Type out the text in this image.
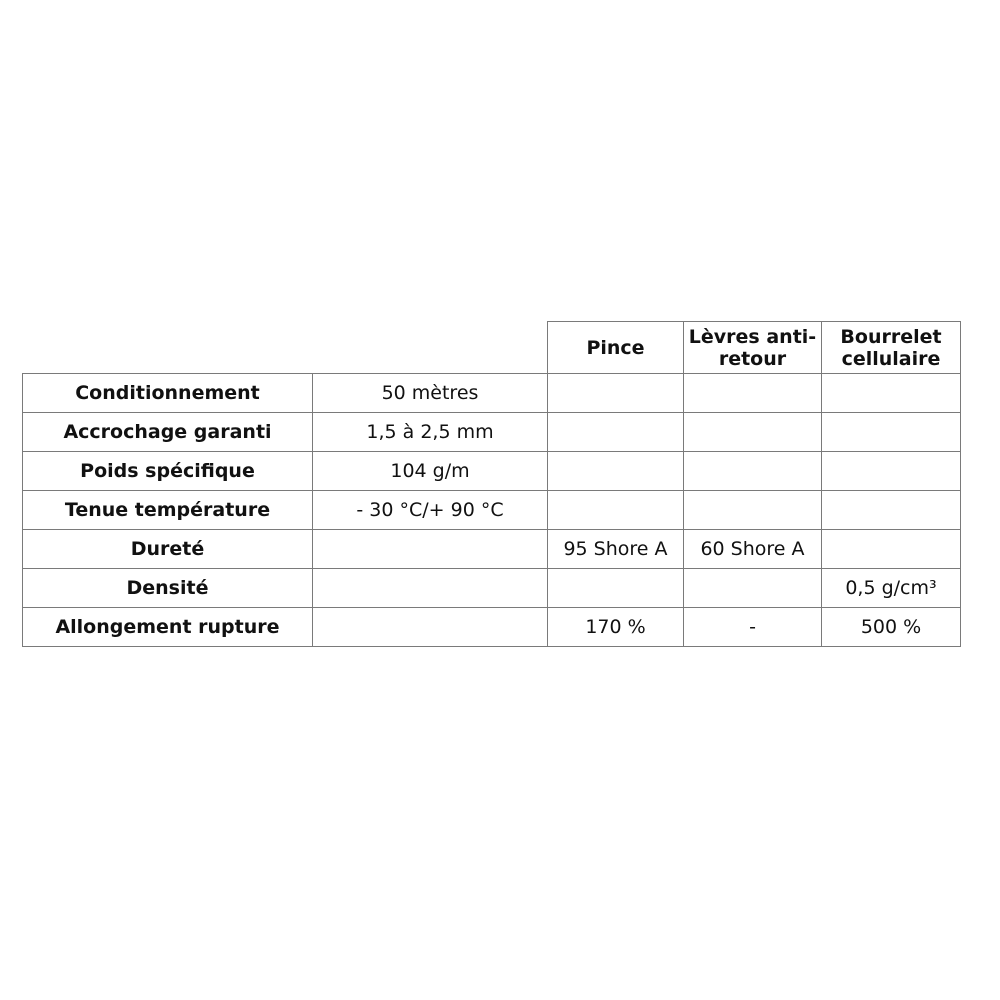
		Pince	Lèvres anti-retour	Bourrelet cellulaire
Conditionnement	50 mètres			
Accrochage garanti	1,5 à 2,5 mm			
Poids spécifique	104 g/m			
Tenue température	- 30 °C/+ 90 °C			
Dureté		95 Shore A	60 Shore A	
Densité				0,5 g/cm³
Allongement rupture		170 %	-	500 %
